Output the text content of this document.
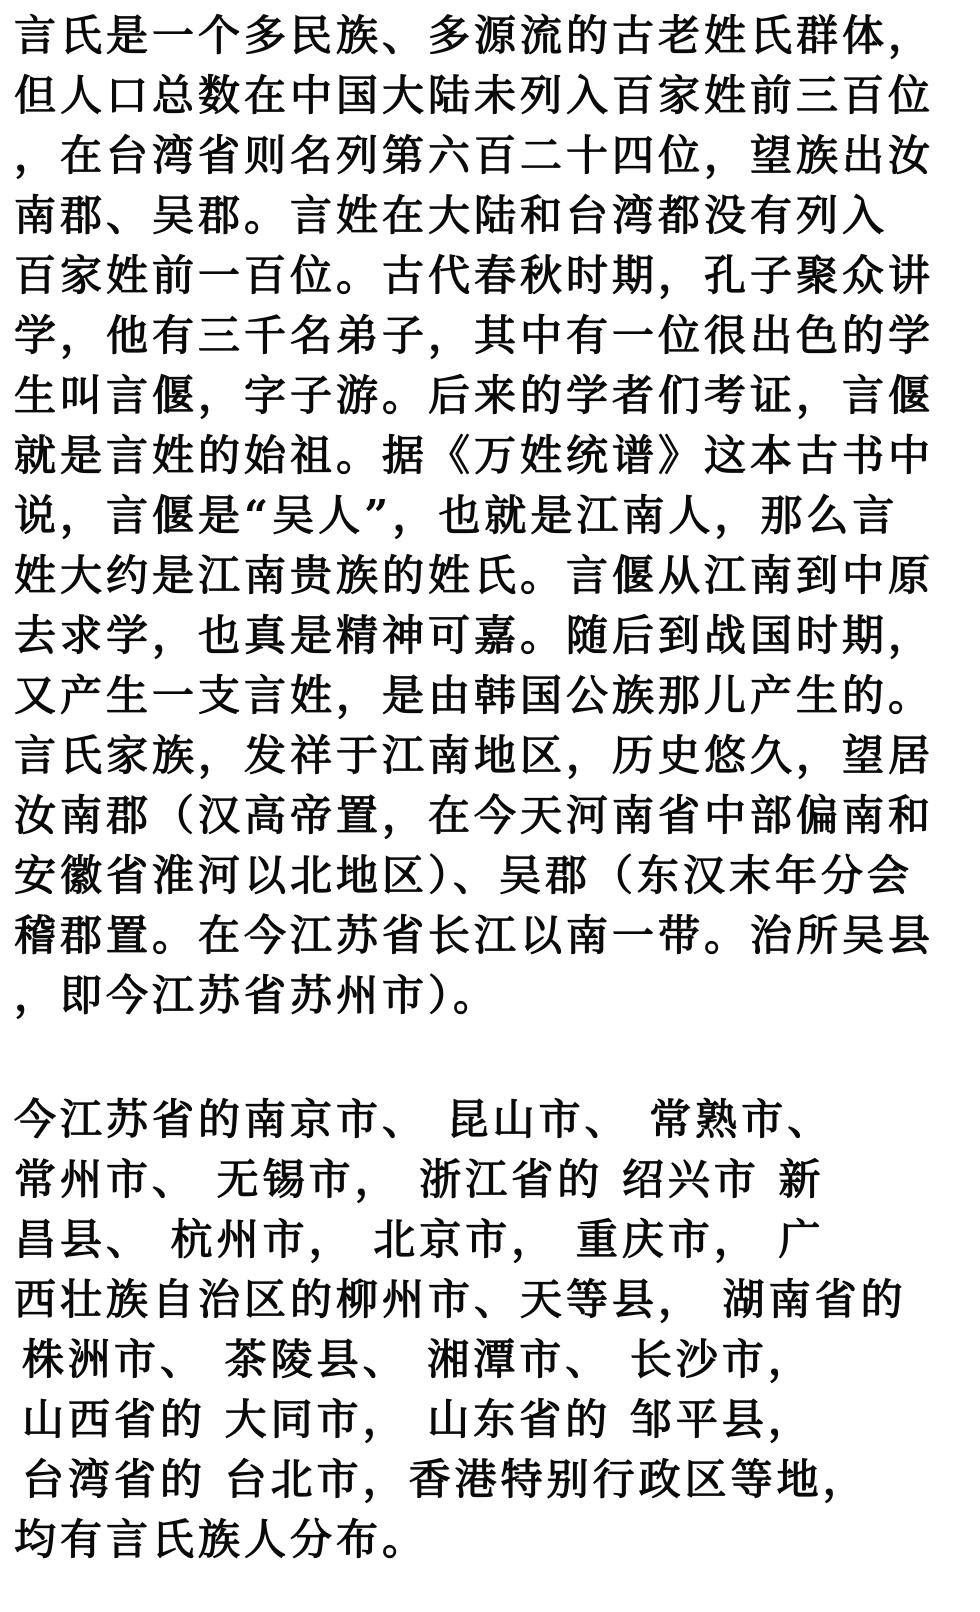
言氏是一个多民族、多源流的古老姓氏群体，
但人口总数在中国大陆未列入百家姓前三百位
，在台湾省则名列第六百二十四位，望族出汝
南郡、吴郡。言姓在大陆和台湾都没有列入
百家姓前一百位。古代春秋时期，孔子聚众讲
学，他有三千名弟子，其中有一位很出色的学
生叫言偃，字子游。后来的学者们考证，言偃
就是言姓的始祖。据《万姓统谱》这本古书中
说，言偃是“吴人”，也就是江南人，那么言
姓大约是江南贵族的姓氏。言偃从江南到中原
去求学，也真是精神可嘉。随后到战国时期，
又产生一支言姓，是由韩国公族那儿产生的。
言氏家族，发祥于江南地区，历史悠久，望居
汝南郡（汉高帝置，在今天河南省中部偏南和
安徽省淮河以北地区）、吴郡（东汉末年分会
稽郡置。在今江苏省长江以南一带。治所吴县
，即今江苏省苏州市）。
今江苏省的南京市、 昆山市、 常熟市、
常州市、 无锡市， 浙江省的 绍兴市 新
昌县、 杭州市， 北京市， 重庆市， 广
西壮族自治区的柳州市、天等县， 湖南省的
株洲市、 茶陵县、 湘潭市、 长沙市，
山西省的 大同市， 山东省的 邹平县，
台湾省的 台北市，香港特别行政区等地，
均有言氏族人分布。
